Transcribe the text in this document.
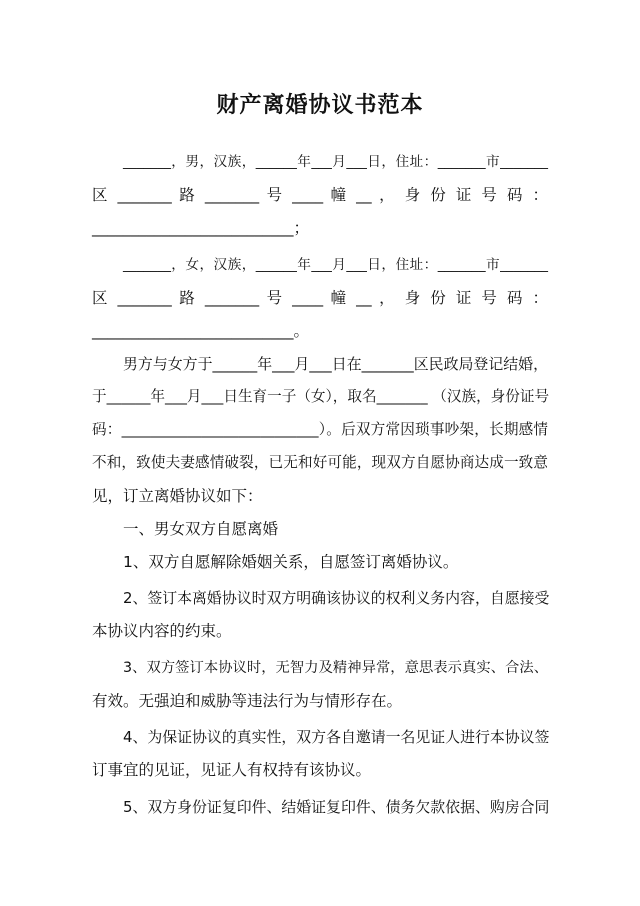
财产离婚协议书范本
_______，男，汉族，______年___月___日，住址：_______市_______
区 _______ 路 _______ 号 ____ 幢 __ ， 身 份 证 号 码 ：
__________________________；
_______，女，汉族，______年___月___日，住址：_______市_______
区 _______ 路 _______ 号 ____ 幢 __ ， 身 份 证 号 码 ：
__________________________。
男方与女方于______年___月___日在_______区民政局登记结婚，
于______年___月___日生育一子（女），取名_______ （汉族，身份证号
码：___________________________）。后双方常因琐事吵架，长期感情
不和，致使夫妻感情破裂，已无和好可能，现双方自愿协商达成一致意
见，订立离婚协议如下：
一、男女双方自愿离婚
1、双方自愿解除婚姻关系，自愿签订离婚协议。
2、签订本离婚协议时双方明确该协议的权利义务内容，自愿接受
本协议内容的约束。
3、双方签订本协议时，无智力及精神异常，意思表示真实、合法、
有效。无强迫和威胁等违法行为与情形存在。
4、为保证协议的真实性，双方各自邀请一名见证人进行本协议签
订事宜的见证，见证人有权持有该协议。
5、双方身份证复印件、结婚证复印件、债务欠款依据、购房合同
